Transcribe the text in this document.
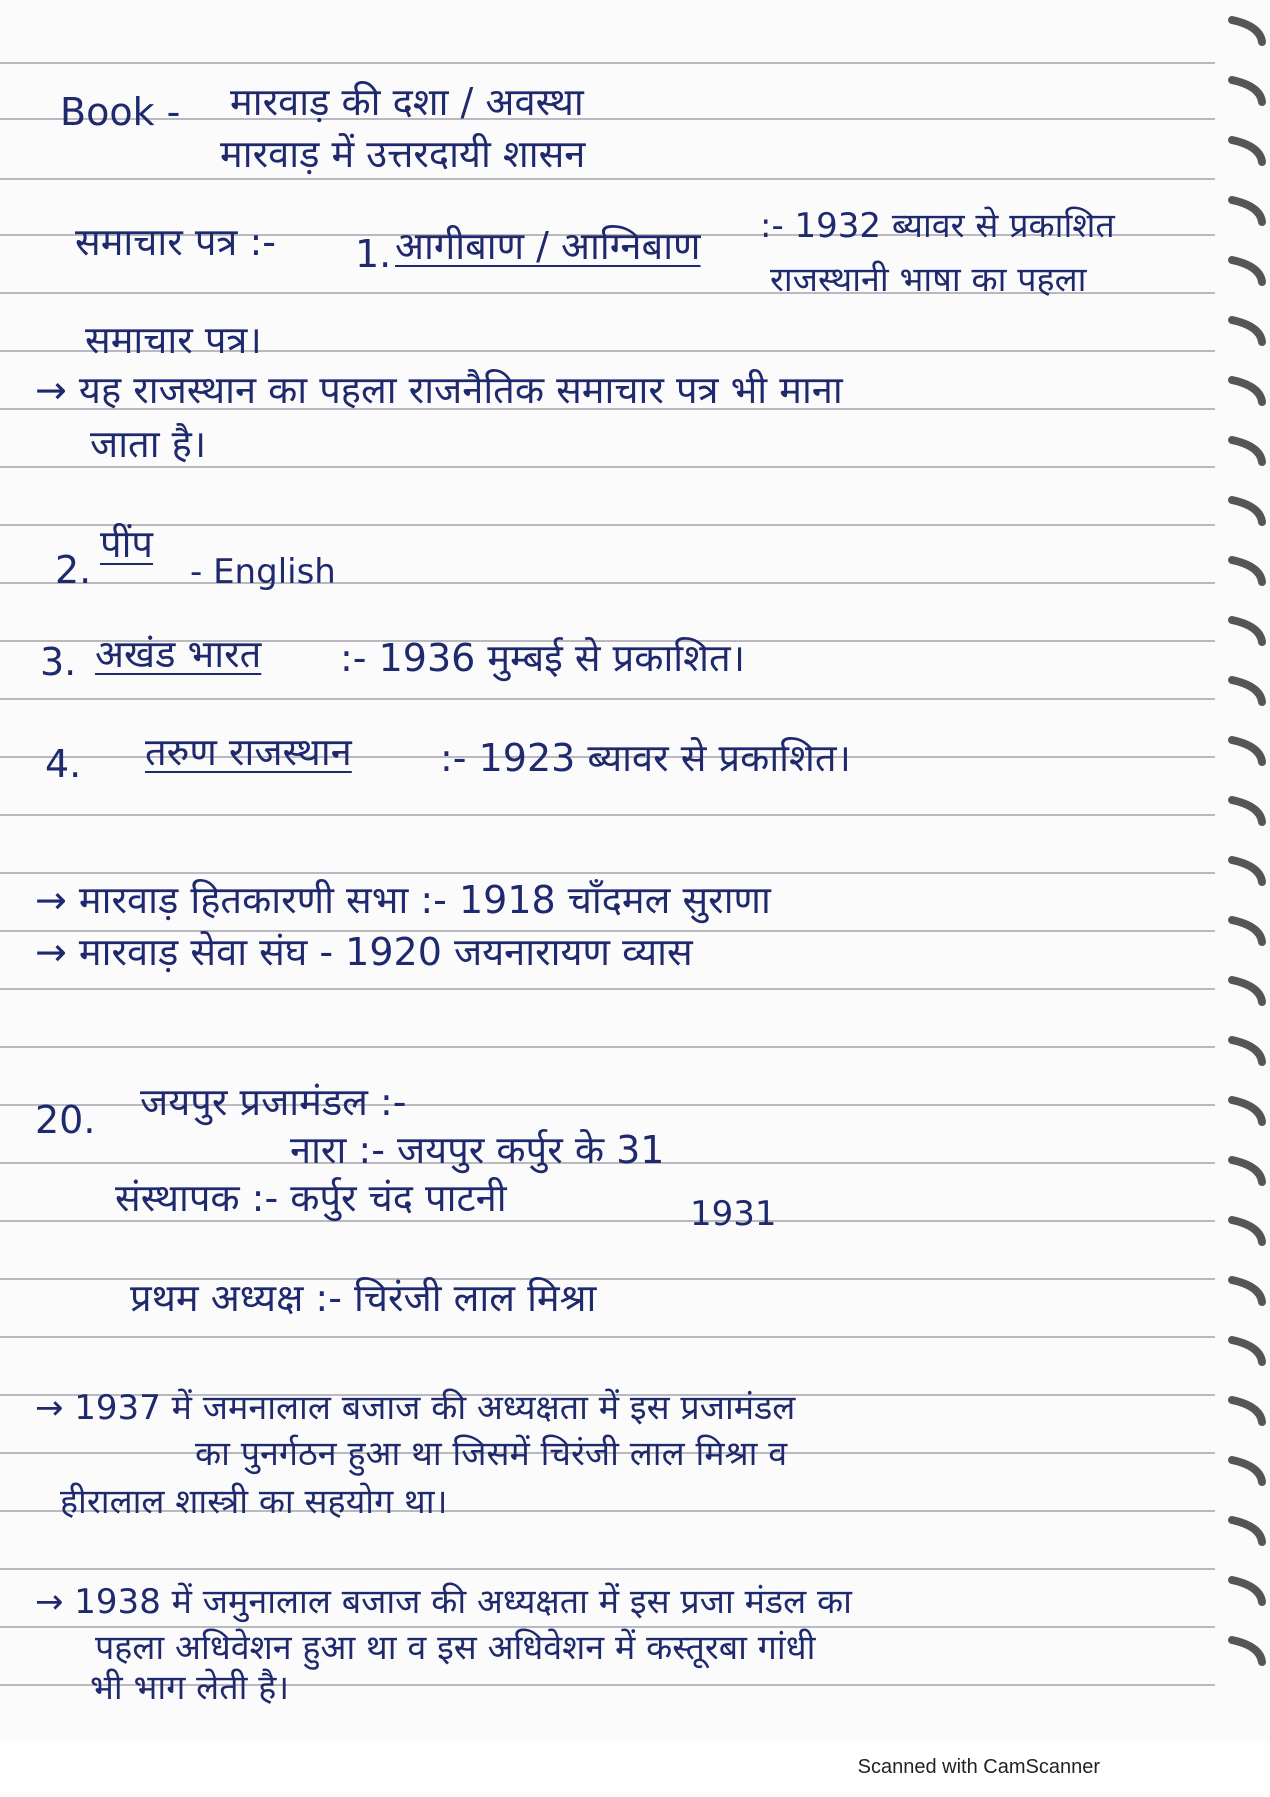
Book - मारवाड़ की दशा / अवस्था
मारवाड़ में उत्तरदायी शासन
समाचार पत्र :- 1. आगीबाण / आग्निबाण :- 1932 ब्यावर से प्रकाशित
राजस्थानी भाषा का पहला
समाचार पत्र।
→ यह राजस्थान का पहला राजनैतिक समाचार पत्र भी माना
जाता है।
2.
पींप
- English
3. अखंड भारत :- 1936 मुम्बई से प्रकाशित।
4. तरुण राजस्थान :- 1923 ब्यावर से प्रकाशित।
→ मारवाड़ हितकारणी सभा :- 1918 चाँदमल सुराणा
→ मारवाड़ सेवा संघ - 1920 जयनारायण व्यास
20. जयपुर प्रजामंडल :-
नारा :- जयपुर कर्पुर के 31
संस्थापक :- कर्पुर चंद पाटनी	1931
प्रथम अध्यक्ष :- चिरंजी लाल मिश्रा
→ 1937 में जमनालाल बजाज की अध्यक्षता में इस प्रजामंडल
का पुनर्गठन हुआ था जिसमें चिरंजी लाल मिश्रा व
हीरालाल शास्त्री का सहयोग था।
→ 1938 में जमुनालाल बजाज की अध्यक्षता में इस प्रजा मंडल का
पहला अधिवेशन हुआ था व इस अधिवेशन में कस्तूरबा गांधी
भी भाग लेती है।
Scanned with CamScanner
